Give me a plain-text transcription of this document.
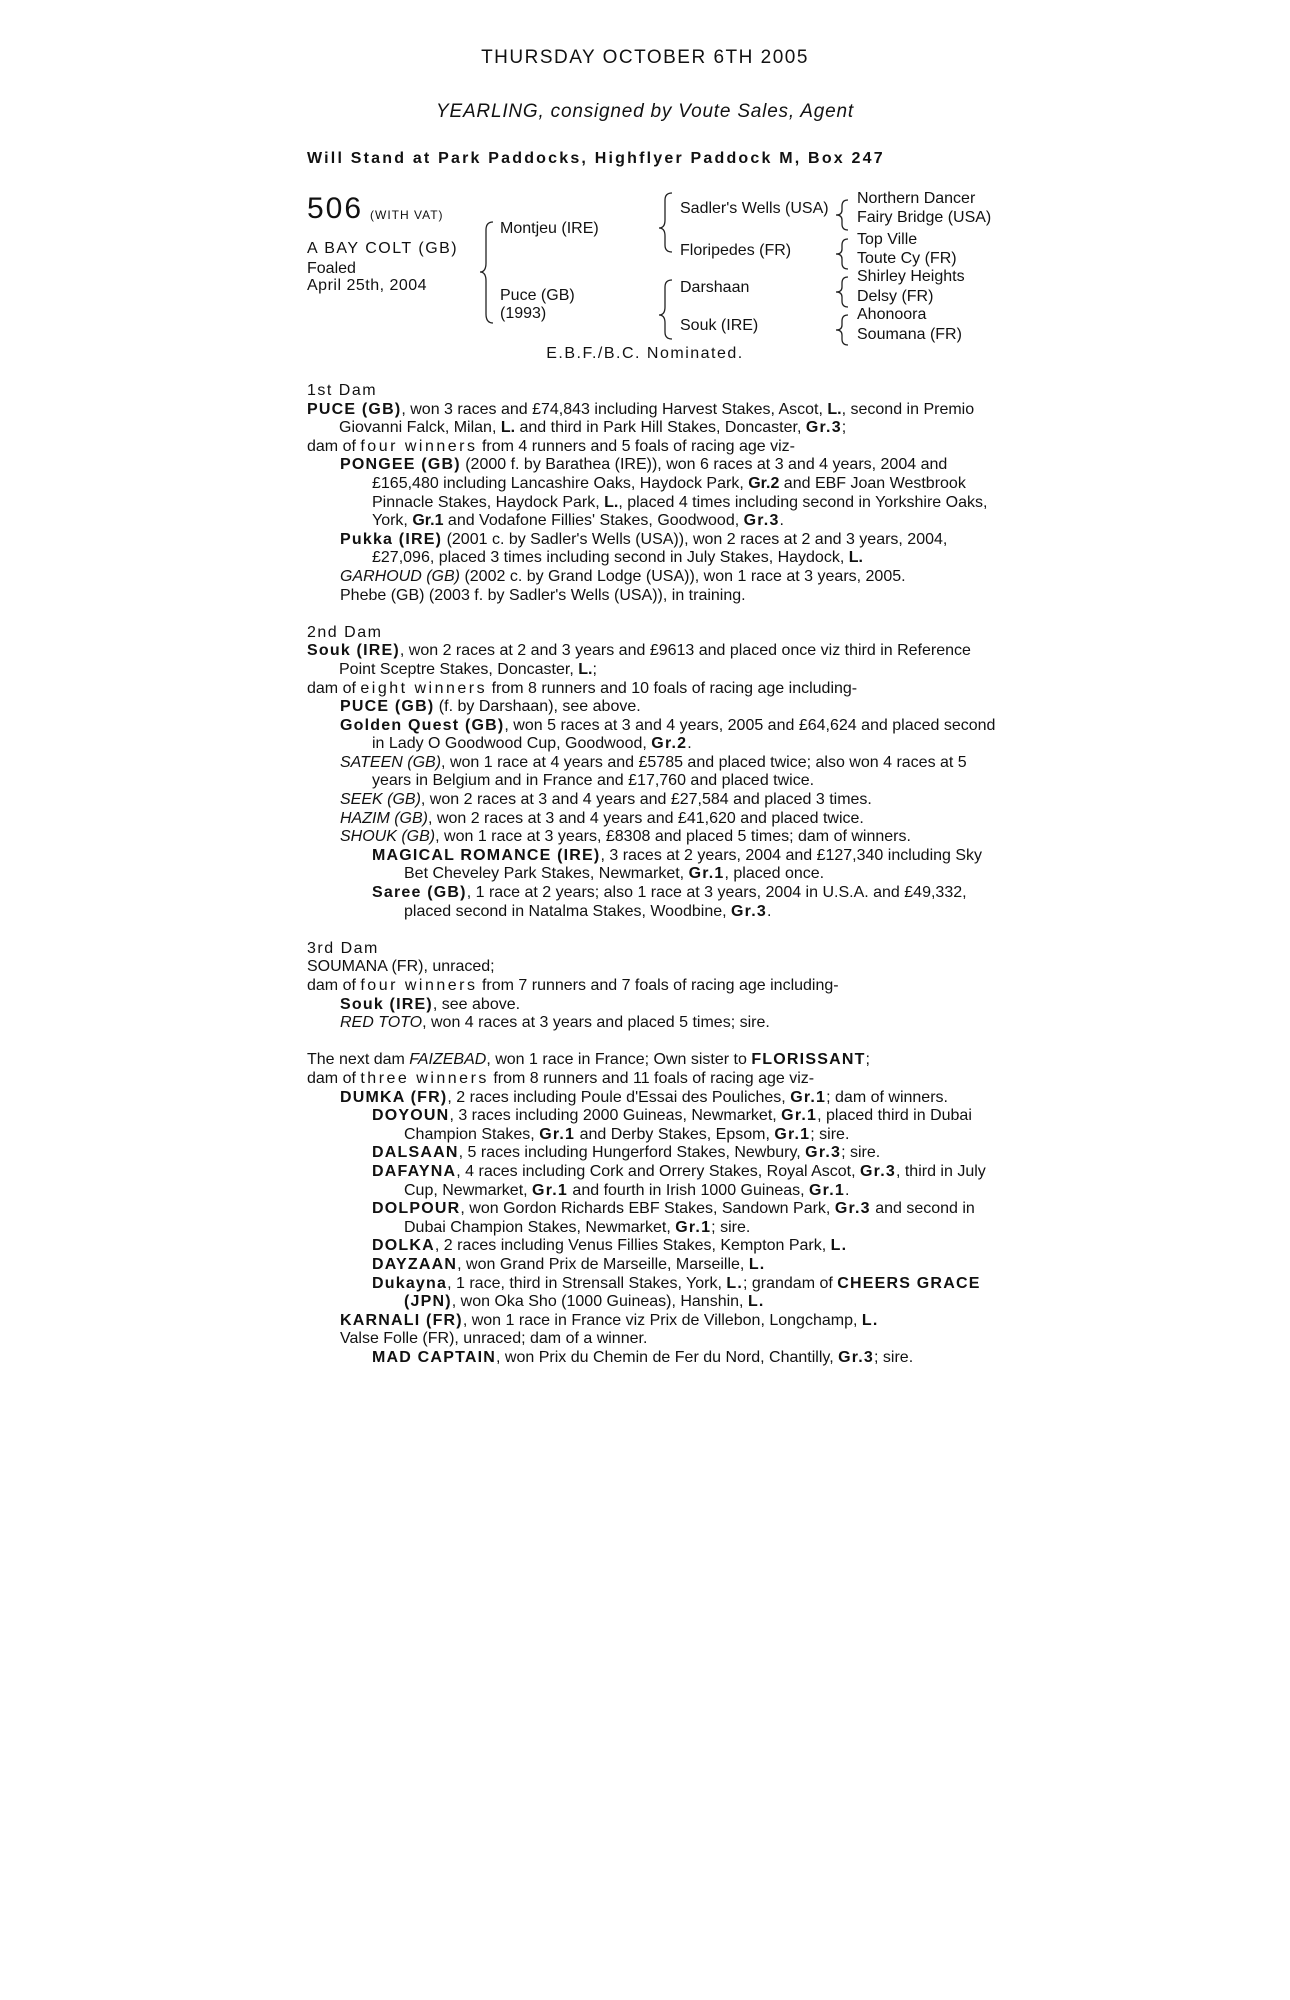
THURSDAY OCTOBER 6TH 2005
YEARLING, consigned by Voute Sales, Agent
Will Stand at Park Paddocks, Highflyer Paddock M, Box 247
506 (WITH VAT)
A BAY COLT (GB)
Foaled
April 25th, 2004
Montjeu (IRE)
Puce (GB)
(1993)
Sadler's Wells (USA)
Floripedes (FR)
Darshaan
Souk (IRE)
Northern Dancer
Fairy Bridge (USA)
Top Ville
Toute Cy (FR)
Shirley Heights
Delsy (FR)
Ahonoora
Soumana (FR)
E.B.F./B.C. Nominated.

1st Dam

PUCE (GB), won 3 races and £74,843 including Harvest Stakes, Ascot, L., second in Premio Giovanni Falck, Milan, L. and third in Park Hill Stakes, Doncaster, Gr.3;

dam of four winners from 4 runners and 5 foals of racing age viz-

PONGEE (GB) (2000 f. by Barathea (IRE)), won 6 races at 3 and 4 years, 2004 and £165,480 including Lancashire Oaks, Haydock Park, Gr.2 and EBF Joan Westbrook Pinnacle Stakes, Haydock Park, L., placed 4 times including second in Yorkshire Oaks, York, Gr.1 and Vodafone Fillies' Stakes, Goodwood, Gr.3.

Pukka (IRE) (2001 c. by Sadler's Wells (USA)), won 2 races at 2 and 3 years, 2004, £27,096, placed 3 times including second in July Stakes, Haydock, L.

GARHOUD (GB) (2002 c. by Grand Lodge (USA)), won 1 race at 3 years, 2005.

Phebe (GB) (2003 f. by Sadler's Wells (USA)), in training.

2nd Dam

Souk (IRE), won 2 races at 2 and 3 years and £9613 and placed once viz third in Reference Point Sceptre Stakes, Doncaster, L.;

dam of eight winners from 8 runners and 10 foals of racing age including-

PUCE (GB) (f. by Darshaan), see above.

Golden Quest (GB), won 5 races at 3 and 4 years, 2005 and £64,624 and placed second in Lady O Goodwood Cup, Goodwood, Gr.2.

SATEEN (GB), won 1 race at 4 years and £5785 and placed twice; also won 4 races at 5 years in Belgium and in France and £17,760 and placed twice.

SEEK (GB), won 2 races at 3 and 4 years and £27,584 and placed 3 times.

HAZIM (GB), won 2 races at 3 and 4 years and £41,620 and placed twice.

SHOUK (GB), won 1 race at 3 years, £8308 and placed 5 times; dam of winners.

MAGICAL ROMANCE (IRE), 3 races at 2 years, 2004 and £127,340 including Sky Bet Cheveley Park Stakes, Newmarket, Gr.1, placed once.

Saree (GB), 1 race at 2 years; also 1 race at 3 years, 2004 in U.S.A. and £49,332, placed second in Natalma Stakes, Woodbine, Gr.3.

3rd Dam

SOUMANA (FR), unraced;

dam of four winners from 7 runners and 7 foals of racing age including-

Souk (IRE), see above.

RED TOTO, won 4 races at 3 years and placed 5 times; sire.

The next dam FAIZEBAD, won 1 race in France; Own sister to FLORISSANT;

dam of three winners from 8 runners and 11 foals of racing age viz-

DUMKA (FR), 2 races including Poule d'Essai des Pouliches, Gr.1; dam of winners.

DOYOUN, 3 races including 2000 Guineas, Newmarket, Gr.1, placed third in Dubai Champion Stakes, Gr.1 and Derby Stakes, Epsom, Gr.1; sire.

DALSAAN, 5 races including Hungerford Stakes, Newbury, Gr.3; sire.

DAFAYNA, 4 races including Cork and Orrery Stakes, Royal Ascot, Gr.3, third in July Cup, Newmarket, Gr.1 and fourth in Irish 1000 Guineas, Gr.1.

DOLPOUR, won Gordon Richards EBF Stakes, Sandown Park, Gr.3 and second in Dubai Champion Stakes, Newmarket, Gr.1; sire.

DOLKA, 2 races including Venus Fillies Stakes, Kempton Park, L.

DAYZAAN, won Grand Prix de Marseille, Marseille, L.

Dukayna, 1 race, third in Strensall Stakes, York, L.; grandam of CHEERS GRACE (JPN), won Oka Sho (1000 Guineas), Hanshin, L.

KARNALI (FR), won 1 race in France viz Prix de Villebon, Longchamp, L.

Valse Folle (FR), unraced; dam of a winner.

MAD CAPTAIN, won Prix du Chemin de Fer du Nord, Chantilly, Gr.3; sire.
